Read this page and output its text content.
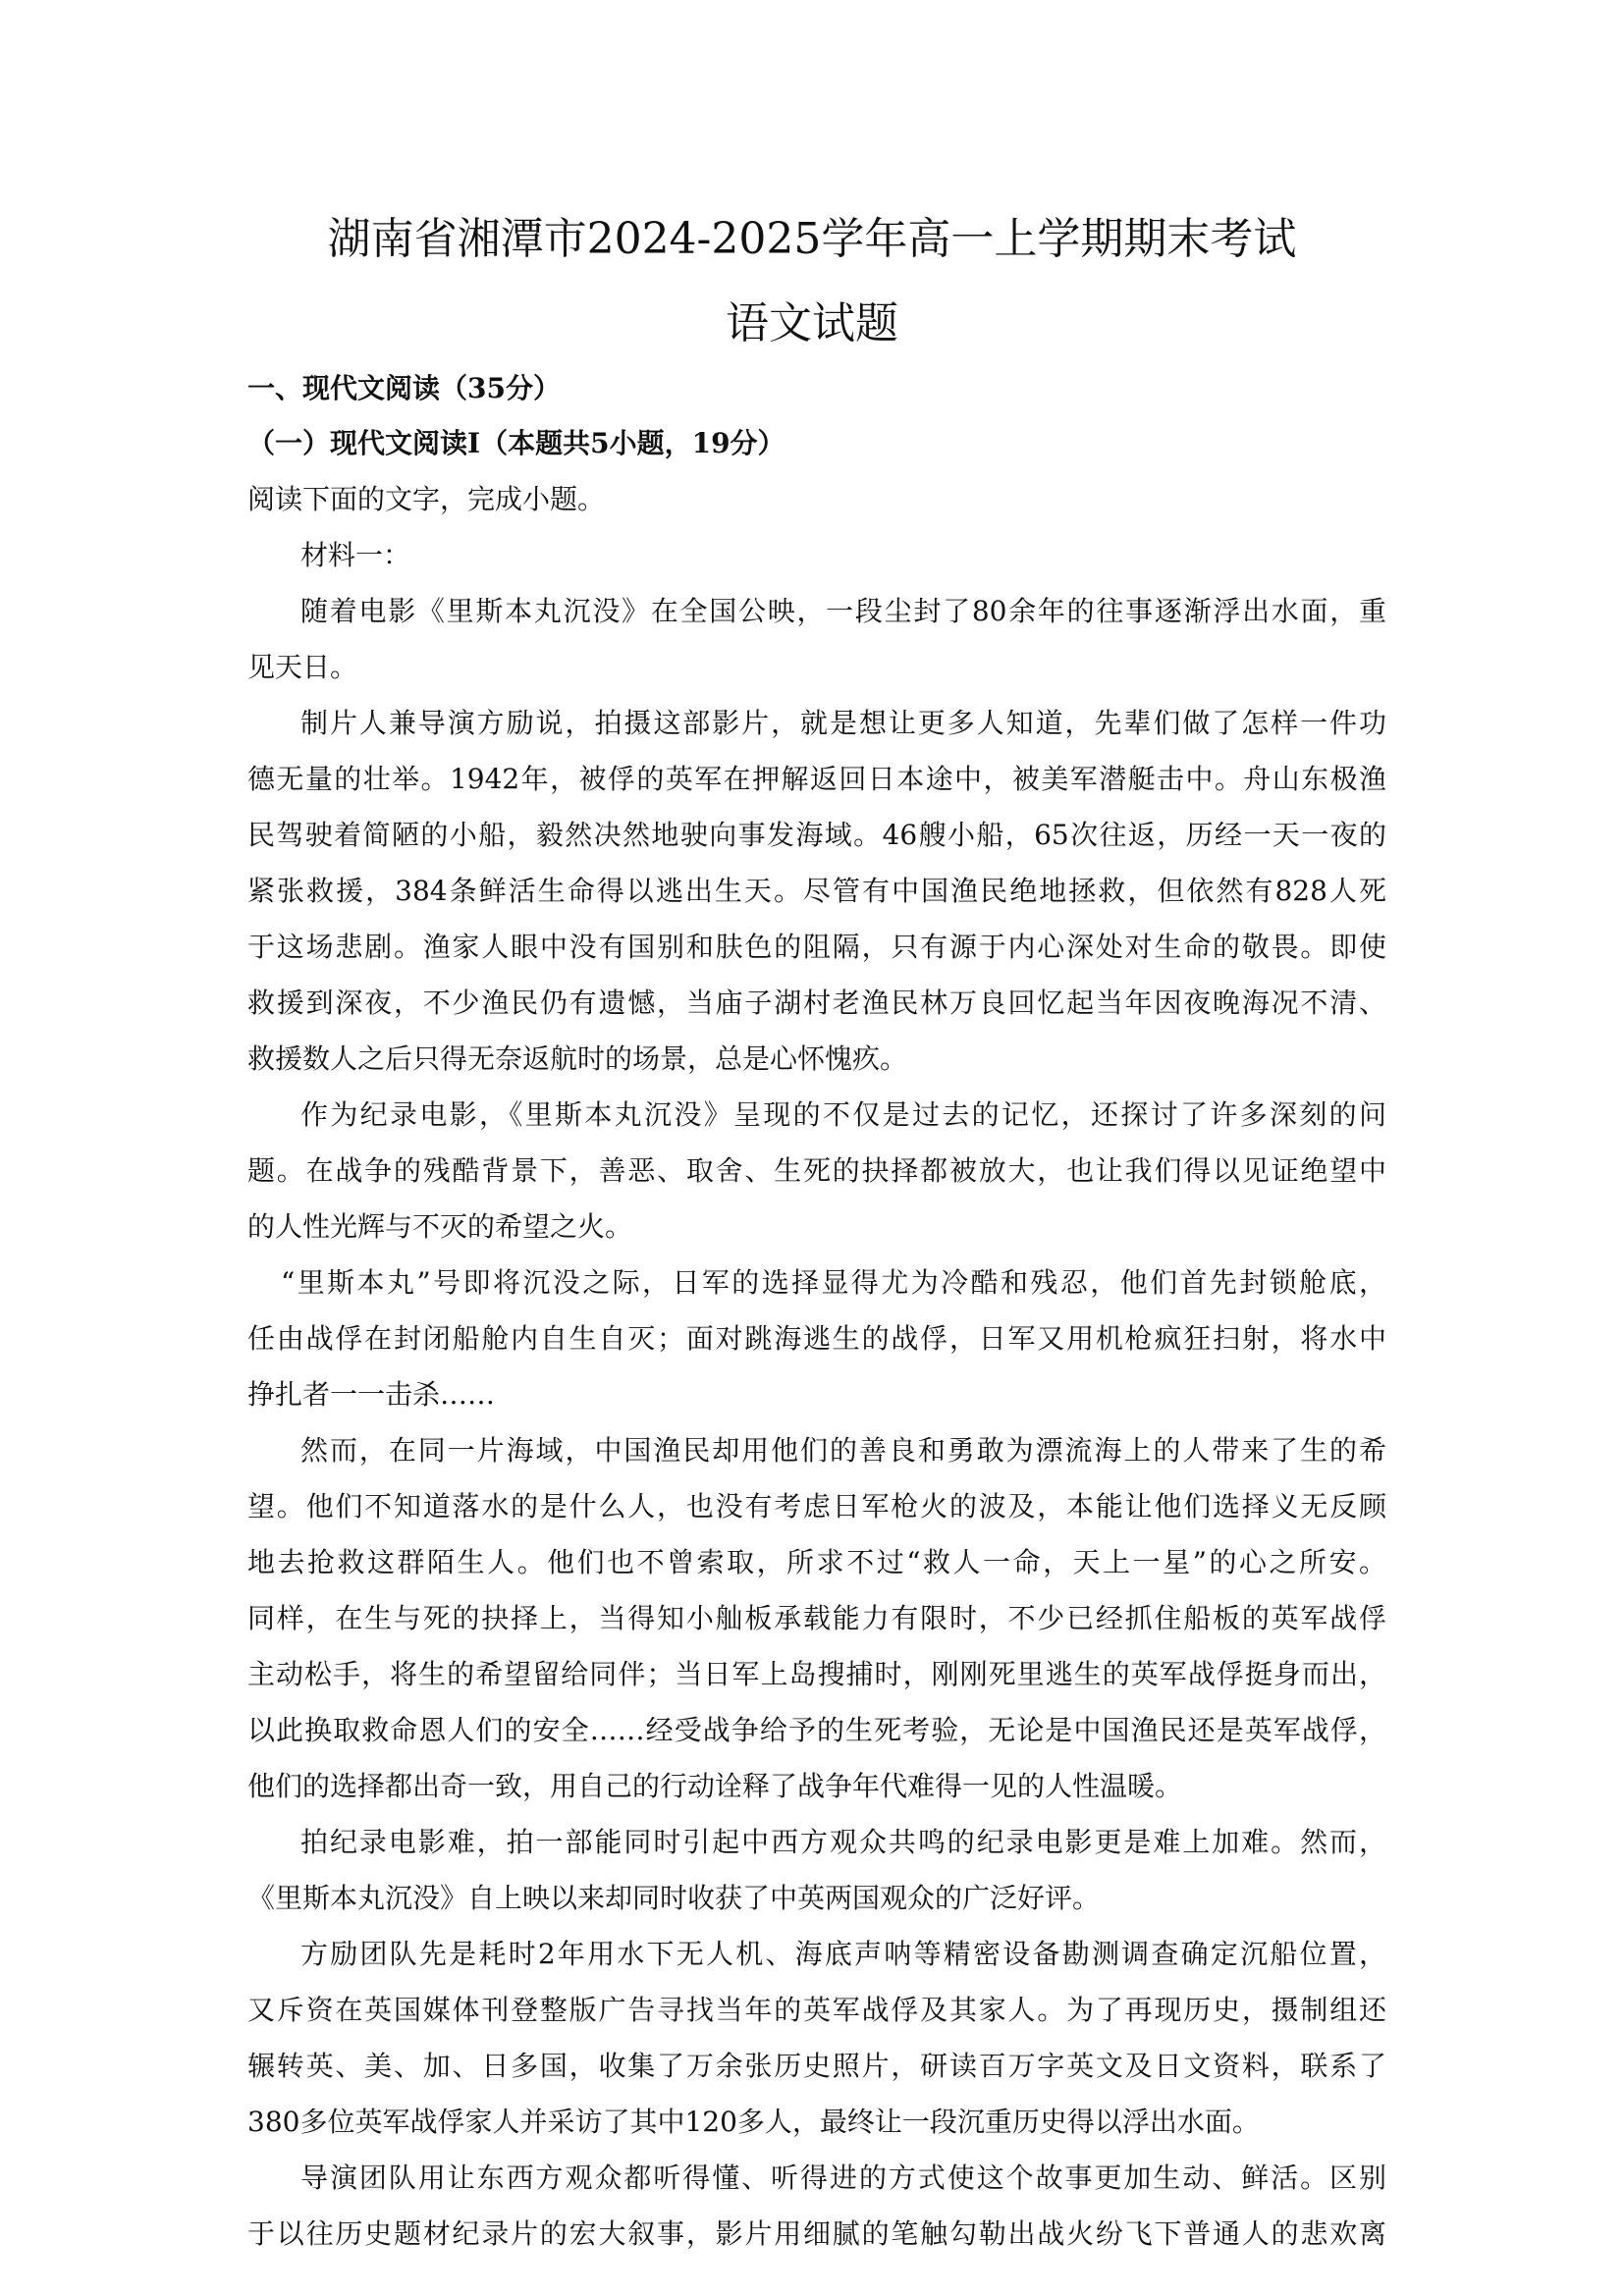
湖南省湘潭市2024-2025学年高一上学期期末考试
语文试题
一、现代文阅读（35分）
（一）现代文阅读Ⅰ（本题共5小题，19分）
阅读下面的文字，完成小题。
材料一：
随着电影《里斯本丸沉没》在全国公映，一段尘封了80余年的往事逐渐浮出水面，重
见天日。
制片人兼导演方励说，拍摄这部影片，就是想让更多人知道，先辈们做了怎样一件功
德无量的壮举。1942年，被俘的英军在押解返回日本途中，被美军潜艇击中。舟山东极渔
民驾驶着简陋的小船，毅然决然地驶向事发海域。46艘小船，65次往返，历经一天一夜的
紧张救援，384条鲜活生命得以逃出生天。尽管有中国渔民绝地拯救，但依然有828人死
于这场悲剧。渔家人眼中没有国别和肤色的阻隔，只有源于内心深处对生命的敬畏。即使
救援到深夜，不少渔民仍有遗憾，当庙子湖村老渔民林万良回忆起当年因夜晚海况不清、
救援数人之后只得无奈返航时的场景，总是心怀愧疚。
作为纪录电影，《里斯本丸沉没》呈现的不仅是过去的记忆，还探讨了许多深刻的问
题。在战争的残酷背景下，善恶、取舍、生死的抉择都被放大，也让我们得以见证绝望中
的人性光辉与不灭的希望之火。
“里斯本丸”号即将沉没之际，日军的选择显得尤为冷酷和残忍，他们首先封锁舱底，
任由战俘在封闭船舱内自生自灭；面对跳海逃生的战俘，日军又用机枪疯狂扫射，将水中
挣扎者一一击杀……
然而，在同一片海域，中国渔民却用他们的善良和勇敢为漂流海上的人带来了生的希
望。他们不知道落水的是什么人，也没有考虑日军枪火的波及，本能让他们选择义无反顾
地去抢救这群陌生人。他们也不曾索取，所求不过“救人一命，天上一星”的心之所安。
同样，在生与死的抉择上，当得知小舢板承载能力有限时，不少已经抓住船板的英军战俘
主动松手，将生的希望留给同伴；当日军上岛搜捕时，刚刚死里逃生的英军战俘挺身而出，
以此换取救命恩人们的安全……经受战争给予的生死考验，无论是中国渔民还是英军战俘，
他们的选择都出奇一致，用自己的行动诠释了战争年代难得一见的人性温暖。
拍纪录电影难，拍一部能同时引起中西方观众共鸣的纪录电影更是难上加难。然而，
《里斯本丸沉没》自上映以来却同时收获了中英两国观众的广泛好评。
方励团队先是耗时2年用水下无人机、海底声呐等精密设备勘测调查确定沉船位置，
又斥资在英国媒体刊登整版广告寻找当年的英军战俘及其家人。为了再现历史，摄制组还
辗转英、美、加、日多国，收集了万余张历史照片，研读百万字英文及日文资料，联系了
380多位英军战俘家人并采访了其中120多人，最终让一段沉重历史得以浮出水面。
导演团队用让东西方观众都听得懂、听得进的方式使这个故事更加生动、鲜活。区别
于以往历史题材纪录片的宏大叙事，影片用细腻的笔触勾勒出战火纷飞下普通人的悲欢离
